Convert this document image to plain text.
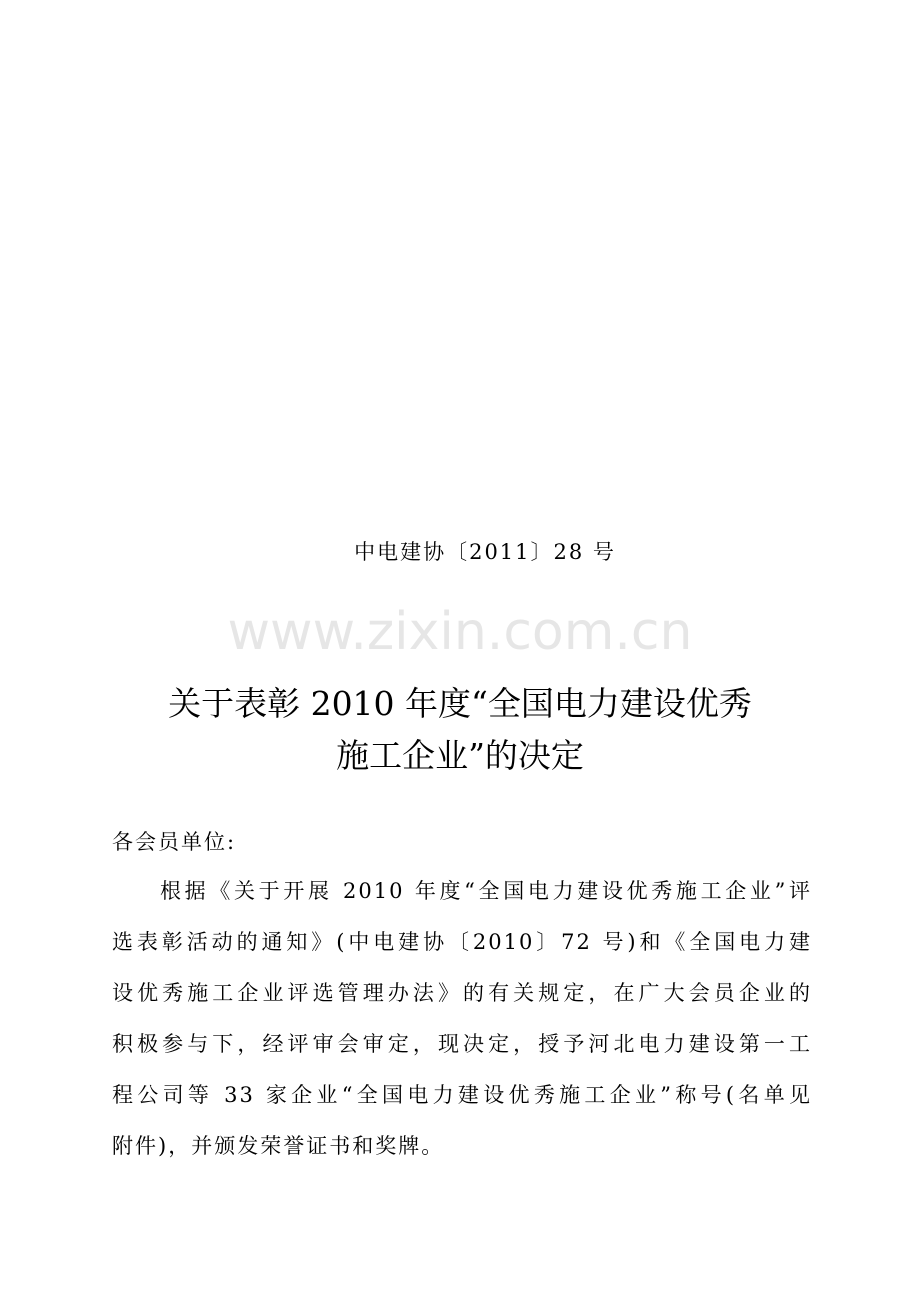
中电建协〔2011〕28 号
www.zixin.com.cn
关于表彰 2010 年度“全国电力建设优秀
施工企业”的决定
各会员单位:
根据《关于开展 2010 年度“全国电力建设优秀施工企业”评
选表彰活动的通知》(中电建协〔2010〕72 号)和《全国电力建
设优秀施工企业评选管理办法》的有关规定，在广大会员企业的
积极参与下，经评审会审定，现决定，授予河北电力建设第一工
程公司等 33 家企业“全国电力建设优秀施工企业”称号(名单见
附件)，并颁发荣誉证书和奖牌。
